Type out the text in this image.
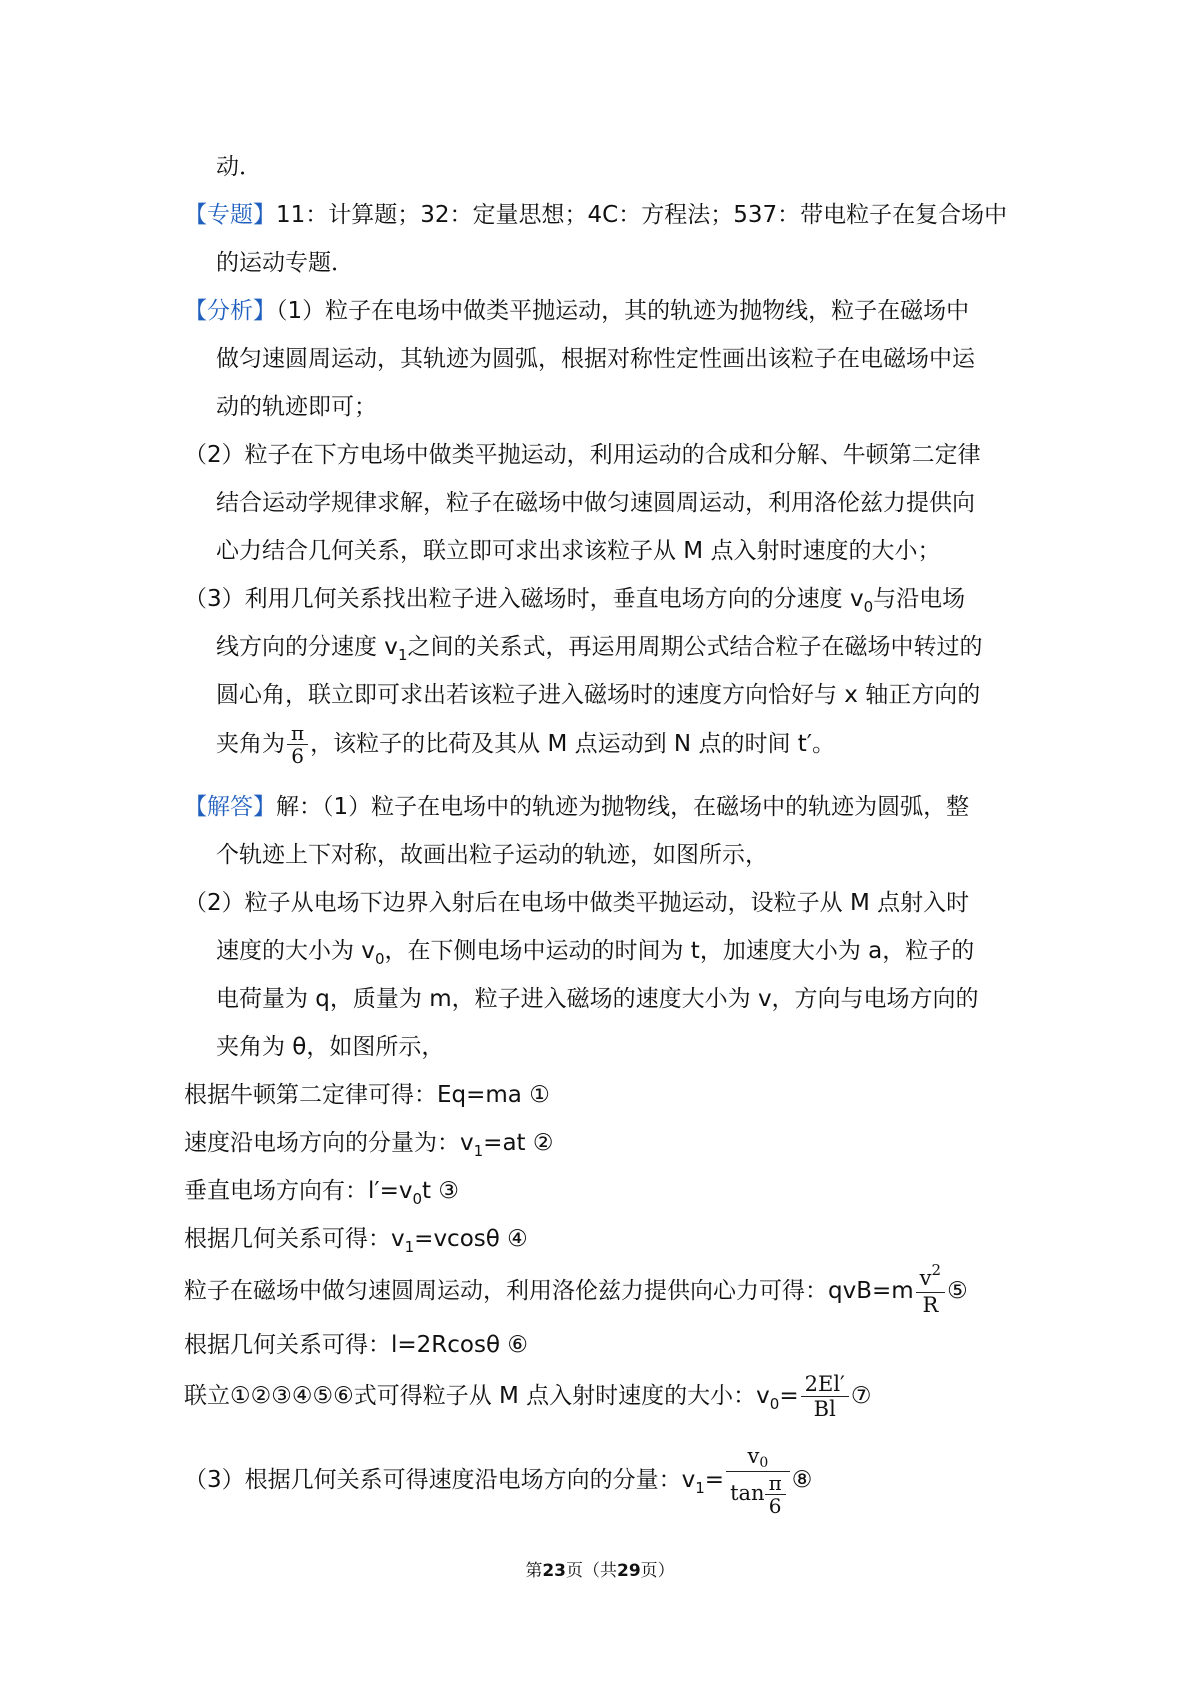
动．
【专题】11：计算题；32：定量思想；4C：方程法；537：带电粒子在复合场中
的运动专题．
【分析】（1）粒子在电场中做类平抛运动，其的轨迹为抛物线，粒子在磁场中
做匀速圆周运动，其轨迹为圆弧，根据对称性定性画出该粒子在电磁场中运
动的轨迹即可；
（2）粒子在下方电场中做类平抛运动，利用运动的合成和分解、牛顿第二定律
结合运动学规律求解，粒子在磁场中做匀速圆周运动，利用洛伦兹力提供向
心力结合几何关系，联立即可求出求该粒子从 M 点入射时速度的大小；
（3）利用几何关系找出粒子进入磁场时，垂直电场方向的分速度 $v_0$与沿电场
线方向的分速度 $v_1$之间的关系式，再运用周期公式结合粒子在磁场中转过的
圆心角，联立即可求出若该粒子进入磁场时的速度方向恰好与 x 轴正方向的
夹角为 $\frac{\pi}{6}$ ，该粒子的比荷及其从 M 点运动到 N 点的时间 t′。
【解答】解：（1）粒子在电场中的轨迹为抛物线，在磁场中的轨迹为圆弧，整
个轨迹上下对称，故画出粒子运动的轨迹，如图所示，
（2）粒子从电场下边界入射后在电场中做类平抛运动，设粒子从 M 点射入时
速度的大小为 $v_0$，在下侧电场中运动的时间为 t，加速度大小为 a，粒子的
电荷量为 q，质量为 m，粒子进入磁场的速度大小为 v，方向与电场方向的
夹角为 θ，如图所示，
根据牛顿第二定律可得：Eq=ma ①
速度沿电场方向的分量为：$v_1=at$ ②
垂直电场方向有：$l'=v_0t$ ③
根据几何关系可得：$v_1=vcos\theta$ ④
粒子在磁场中做匀速圆周运动，利用洛伦兹力提供向心力可得：$qvB=m \frac{v^2}{R}$ ⑤
根据几何关系可得：l=2Rcosθ ⑥
联立①②③④⑤⑥式可得粒子从 M 点入射时速度的大小：$v_0= \frac{2El'}{Bl}$ ⑦
（3）根据几何关系可得速度沿电场方向的分量：$v_1= \frac{v0}{\tan \frac{\pi}{6}}$ ⑧
第23页（共29页）
